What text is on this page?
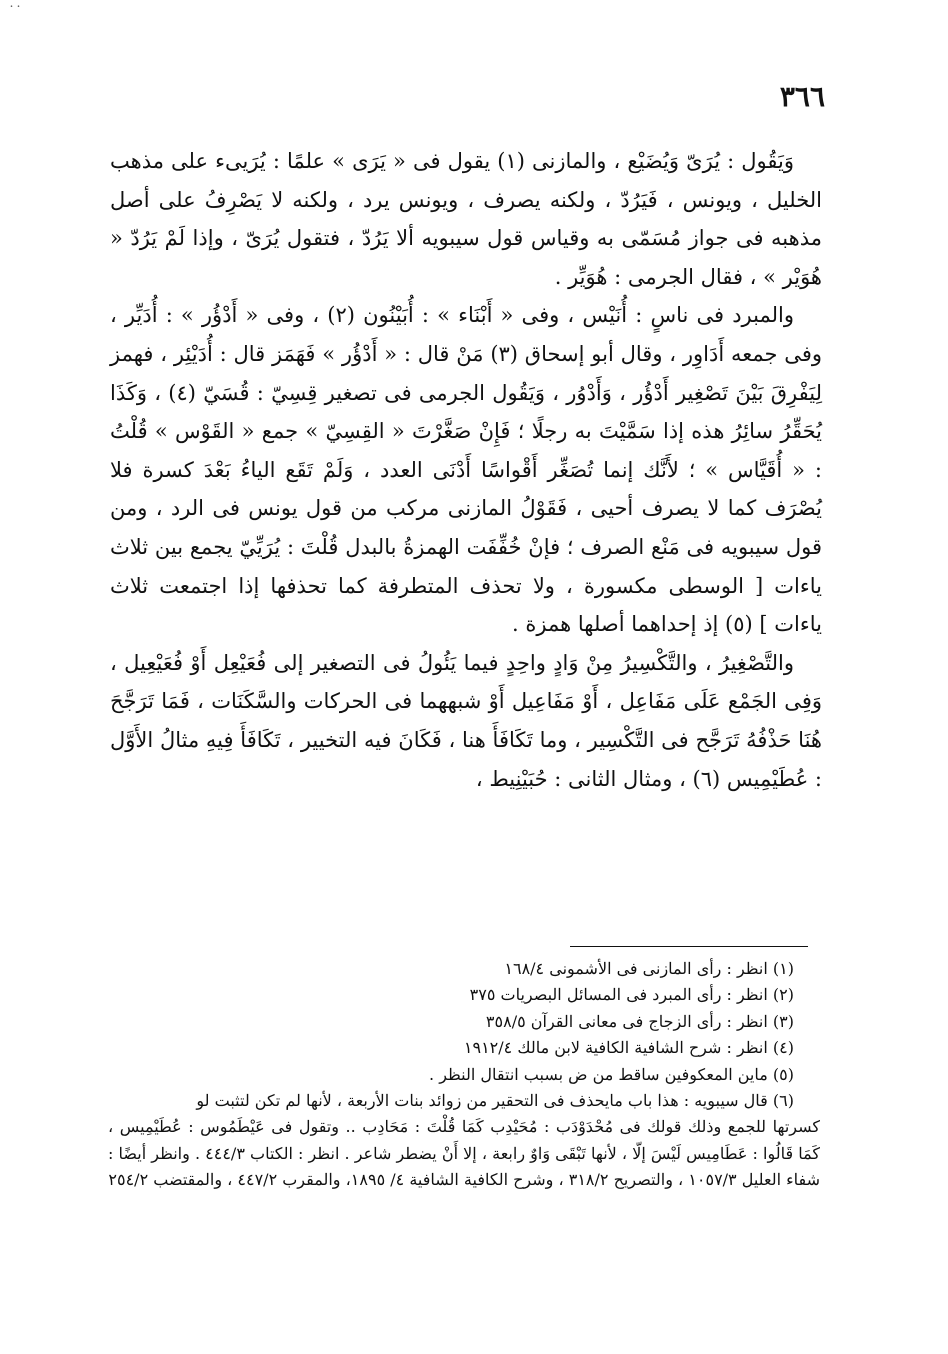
˙˙
٣٦٦

وَيَقُول : يُرَىّ وَيُضَيْع ، والمازنى (١) يقول فى « يَرَى » علمًا : يُرَيىء على مذهب الخليل ، ويونس ، فَيَرُدّ ، ولكنه يصرف ، ويونس يرد ، ولكنه لا يَصْرِفُ على أصل مذهبه فى جواز مُسَمّى به وقياس قول سيبويه ألا يَرُدّ ، فتقول يُرَىّ ، وإذا لَمْ يَرُدّ « هُوَيْر » ، فقال الجرمى : هُوَيِّر .

والمبرد فى ناسٍ : أُنَيْس ، وفى « أَبْنَاء » : أُبَيْنُون (٢) ، وفى « أَدْؤُر » : أُدَيِّر ، وفى جمعه أَدَاوِر ، وقال أبو إسحاق (٣) مَنْ قال : « أَدْؤُر » فَهَمَز قال : أُدَيْئِر ، فهمز لِيَفْرِقَ بَيْنَ تَصْغِير أَدْؤُر ، وَأَدْوُر ، وَيَقُول الجرمى فى تصغير قِسِيّ : قُسَيّ (٤) ، وَكَذَا يُحَقِّرُ سائِرُ هذه إذا سَمَّيْتَ به رجلًا ؛ فَإِنْ صَغَّرْتَ « القِسِيّ » جمع « القَوْس » قُلْتُ : « أُقَيَّاس » ؛ لأَنَّك إنما تُصَغِّر أَقْواسًا أَدْنَى العدد ، وَلَمْ تَقَع الياءُ بَعْدَ كسرة فلا يُصْرَف كما لا يصرف أحيى ، فَقَوْلُ المازنى مركب من قول يونس فى الرد ، ومن قول سيبويه فى مَنْع الصرف ؛ فإنْ خُفِّفَت الهمزةُ بالبدل قُلْتَ : يُرَيِّيّ يجمع بين ثلاث ياءات [ الوسطى مكسورة ، ولا تحذف المتطرفة كما تحذفها إذا اجتمعت ثلاث ياءات ] (٥) إذ إحداهما أصلها همزة .

والتَّصْغِيرُ ، والتَّكْسِيرُ مِنْ وَادٍ واحِدٍ فيما يَئُولُ فى التصغير إلى فُعَيْعِل أَوْ فُعَيْعِيل ، وَفِى الجَمْع عَلَى مَفَاعِل ، أَوْ مَفَاعِيل أَوْ شبههما فى الحركات والسَّكَنَات ، فَمَا تَرَجَّحَ هُنَا حَذْفُهُ تَرَجَّح فى التَّكْسِير ، وما تَكَافَأَ هنا ، فَكَانَ فيه التخيير ، تَكَافَأَ فِيهِ مثالُ الأَوَّل : عُطَيْمِيس (٦) ، ومثال الثانى : حُبَيْنِيط ،

(١) انظر : رأى المازنى فى الأشمونى ١٦٨/٤

(٢) انظر : رأى المبرد فى المسائل البصريات ٣٧٥

(٣) انظر : رأى الزجاج فى معانى القرآن ٣٥٨/٥

(٤) انظر : شرح الشافية الكافية لابن مالك ١٩١٢/٤

(٥) ماين المعكوفين ساقط من ض بسبب انتقال النظر .

(٦) قال سيبويه : هذا باب مايحذف فى التحقير من زوائد بنات الأربعة ، لأنها لم تكن لتثبت لو

كسرتها للجمع وذلك قولك فى مُحْدَوْدَب : مُحَيْدِب كَمَا قُلْتَ : مَحَادِب .. وتقول فى عَيْطَمُوس : عُطَيْمِيس ، كَمَا قَالُوا : عَطَامِيس لَيْسَ إلّا ، لأنها تَبْقَى وَاوٌ رابعة ، إلا أَنْ يضطر شاعر . انظر : الكتاب ٤٤٤/٣ . وانظر أيضًا : شفاء العليل ١٠٥٧/٣ ، والتصريح ٣١٨/٢ ، وشرح الكافية الشافية ٤/ ١٨٩٥، والمقرب ٤٤٧/٢ ، والمقتضب ٢٥٤/٢
